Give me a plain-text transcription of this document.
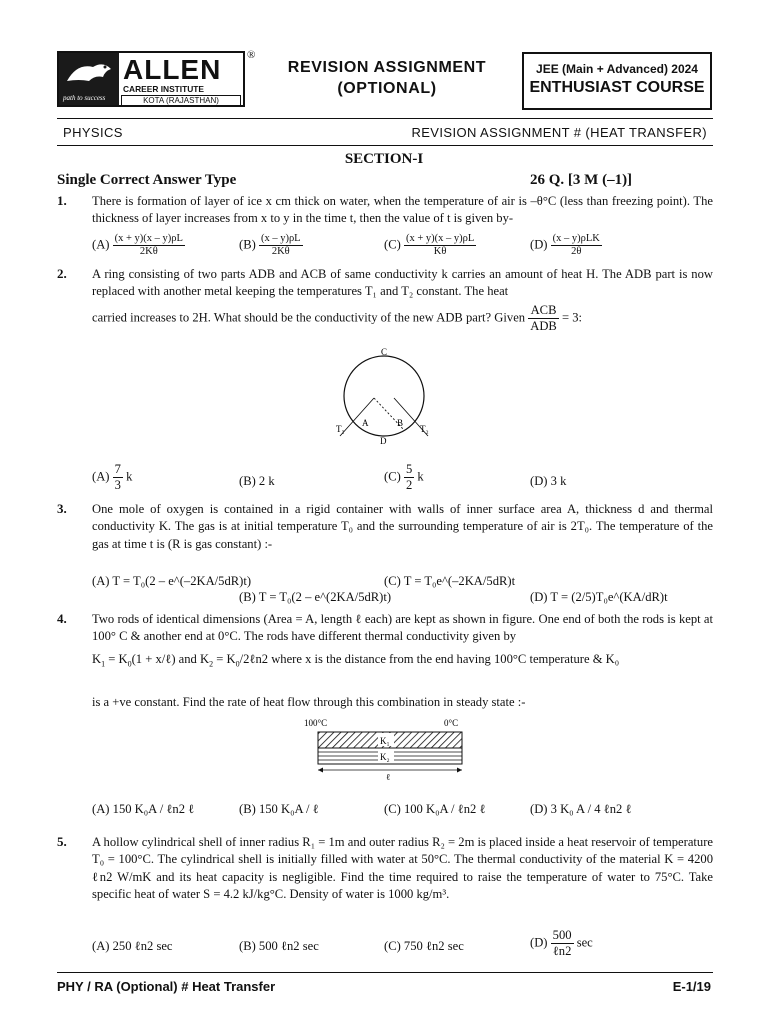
path to success
ALLEN
CAREER INSTITUTE
KOTA (RAJASTHAN)
®
REVISION ASSIGNMENT
(OPTIONAL)
JEE (Main + Advanced) 2024
ENTHUSIAST COURSE
PHYSICS	REVISION ASSIGNMENT # (HEAT TRANSFER)
SECTION-I
Single Correct Answer Type	26 Q. [3 M (–1)]
1. There is formation of layer of ice x cm thick on water, when the temperature of air is –θ°C (less than freezing point). The thickness of layer increases from x to y in the time t, then the value of t is given by-
$(A) \frac{(x + y)(x - y)\rho L}{2K\theta}$	$(B) \frac{(x - y)\rho L}{2K\theta}$	$(C) \frac{(x + y)(x - y)\rho L}{K\theta}$	$(D) \frac{\text{(x – y)ρLK}}{2\theta}$
2. A ring consisting of two parts ADB and ACB of same conductivity k carries an amount of heat H. The ADB part is now replaced with another metal keeping the temperatures T₁ and T₂ constant. The heat
carried increases to 2H. What should be the conductivity of the new ADB part? Given $\frac{\text{ACB}}{\text{ADB}} = 3$:
C
A	B
D
T₁	T₂
$(A) \frac{7}{3}$ k	(B) 2 k	$(C) \frac{5}{2}$ k	(D) 3 k
3. One mole of oxygen is contained in a rigid container with walls of inner surface area A, thickness d and thermal conductivity K. The gas is at initial temperature T₀ and the surrounding temperature of air is 2T₀. The temperature of the gas at time t is (R is gas constant) :-
(A) T = T₀(2 – e^(–2KA/5dR)t)
(B) T = T₀(2 – e^(2KA/5dR)t)
(C) T = T₀e^(–2KA/5dR)t
(D) T = (2/5)T₀e^(KA/dR)t
4. Two rods of identical dimensions (Area = A, length ℓ each) are kept as shown in figure. One end of both the rods is kept at 100° C & another end at 0°C. The rods have different thermal conductivity given by
$K_1 = K_0(1$ + x/ℓ) and $K_2$ = $K_0/2\ell n2$ where x is the distance from the end having 100°C temperature & K₀
is a +ve constant. Find the rate of heat flow through this combination in steady state :-
100°C	0°C
K₁
K₂
ℓ
(A) 150 K₀A / ℓn2 ℓ	(B) 150 K₀A / ℓ	(C) 100 K₀A / ℓn2 ℓ	(D) 3 K₀ A / 4 ℓn2 ℓ
5. A hollow cylindrical shell of inner radius R₁ = 1m and outer radius R₂ = 2m is placed inside a heat reservoir of temperature T₀ = 100°C. The cylindrical shell is initially filled with water at 50°C. The thermal conductivity of the material K = 4200 ℓn2 W/mK and its heat capacity is negligible. Find the time required to raise the temperature of water to 75°C. Take specific heat of water S = 4.2 kJ/kg°C. Density of water is 1000 kg/m³.
(A) 250 ℓn2 sec	(B) 500 ℓn2 sec	(C) 750 ℓn2 sec	$(D) \frac{500}{\text{ℓn2}}$ sec
PHY / RA (Optional) # Heat Transfer	E-1/19
